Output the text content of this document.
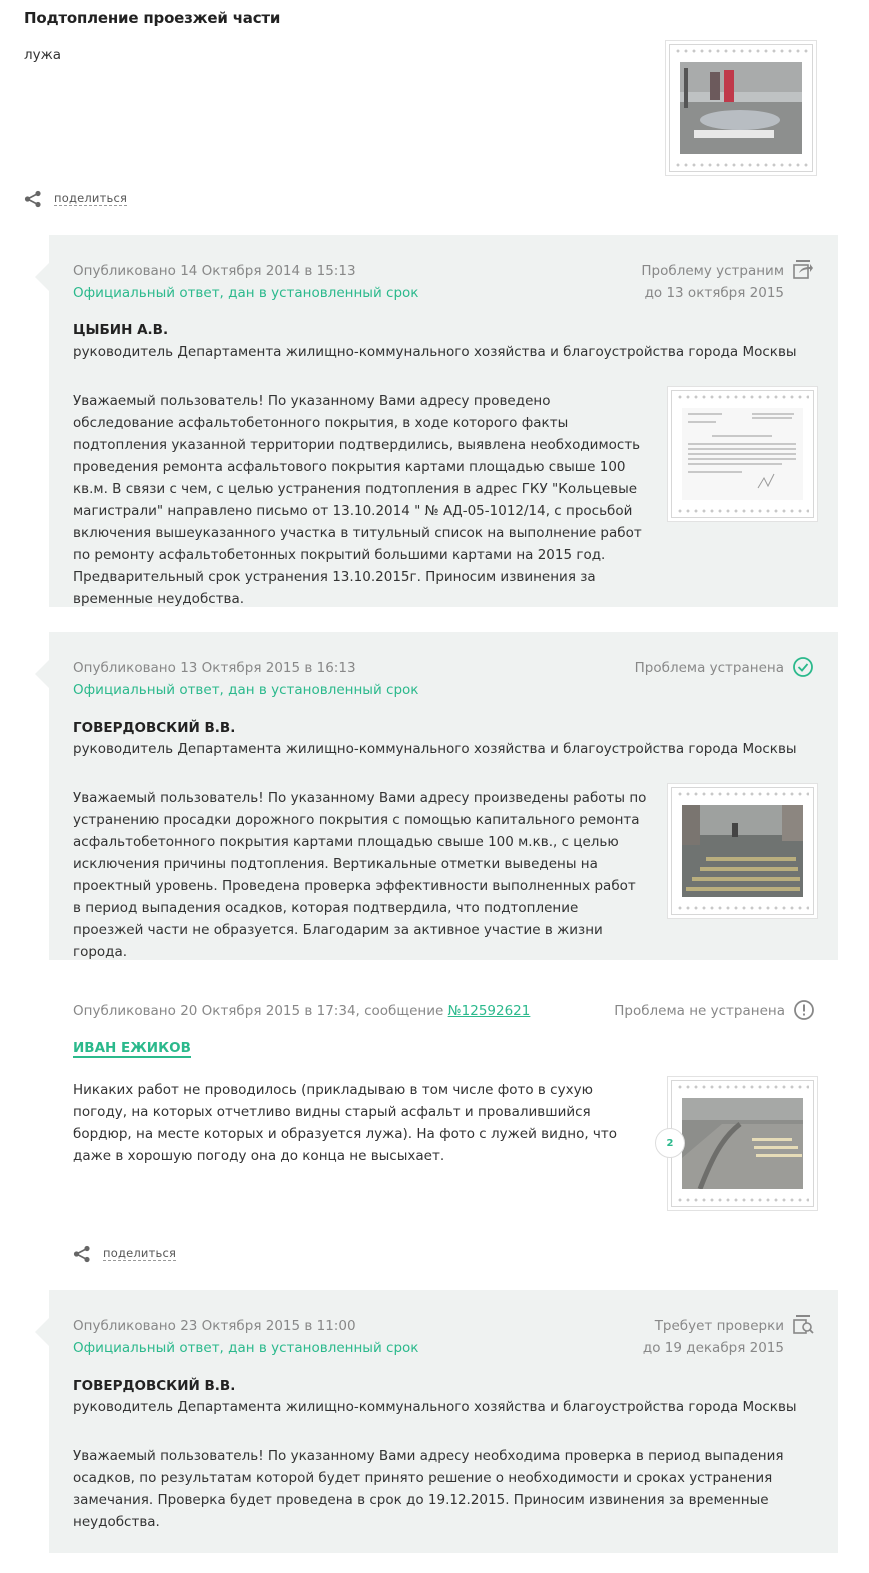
Подтопление проезжей части
лужа
поделиться
Опубликовано 14 Октября 2014 в 15:13
Официальный ответ, дан в установленный срок
Проблему устраним
до 13 октября 2015
ЦЫБИН А.В.
руководитель Департамента жилищно-коммунального хозяйства и благоустройства города Москвы
Уважаемый пользователь! По указанному Вами адресу проведено обследование асфальтобетонного покрытия, в ходе которого факты подтопления указанной территории подтвердились, выявлена необходимость проведения ремонта асфальтового покрытия картами площадью свыше 100 кв.м. В связи с чем, с целью устранения подтопления в адрес ГКУ "Кольцевые магистрали" направлено письмо от 13.10.2014 " № АД-05-1012/14, с просьбой включения вышеуказанного участка в титульный список на выполнение работ по ремонту асфальтобетонных покрытий большими картами на 2015 год. Предварительный срок устранения 13.10.2015г. Приносим извинения за временные неудобства.
Опубликовано 13 Октября 2015 в 16:13
Официальный ответ, дан в установленный срок
Проблема устранена
ГОВЕРДОВСКИЙ В.В.
руководитель Департамента жилищно-коммунального хозяйства и благоустройства города Москвы
Уважаемый пользователь! По указанному Вами адресу произведены работы по устранению просадки дорожного покрытия с помощью капитального ремонта асфальтобетонного покрытия картами площадью свыше 100 м.кв., с целью исключения причины подтопления. Вертикальные отметки выведены на проектный уровень. Проведена проверка эффективности выполненных работ в период выпадения осадков, которая подтвердила, что подтопление проезжей части не образуется. Благодарим за активное участие в жизни города.
Опубликовано 20 Октября 2015 в 17:34, сообщение №12592621	Проблема не устранена
ИВАН ЕЖИКОВ
Никаких работ не проводилось (прикладываю в том числе фото в сухую погоду, на которых отчетливо видны старый асфальт и провалившийся бордюр, на месте которых и образуется лужа). На фото с лужей видно, что даже в хорошую погоду она до конца не высыхает.
2
поделиться
Опубликовано 23 Октября 2015 в 11:00
Официальный ответ, дан в установленный срок
Требует проверки
до 19 декабря 2015
ГОВЕРДОВСКИЙ В.В.
руководитель Департамента жилищно-коммунального хозяйства и благоустройства города Москвы
Уважаемый пользователь! По указанному Вами адресу необходима проверка в период выпадения осадков, по результатам которой будет принято решение о необходимости и сроках устранения замечания. Проверка будет проведена в срок до 19.12.2015. Приносим извинения за временные неудобства.
